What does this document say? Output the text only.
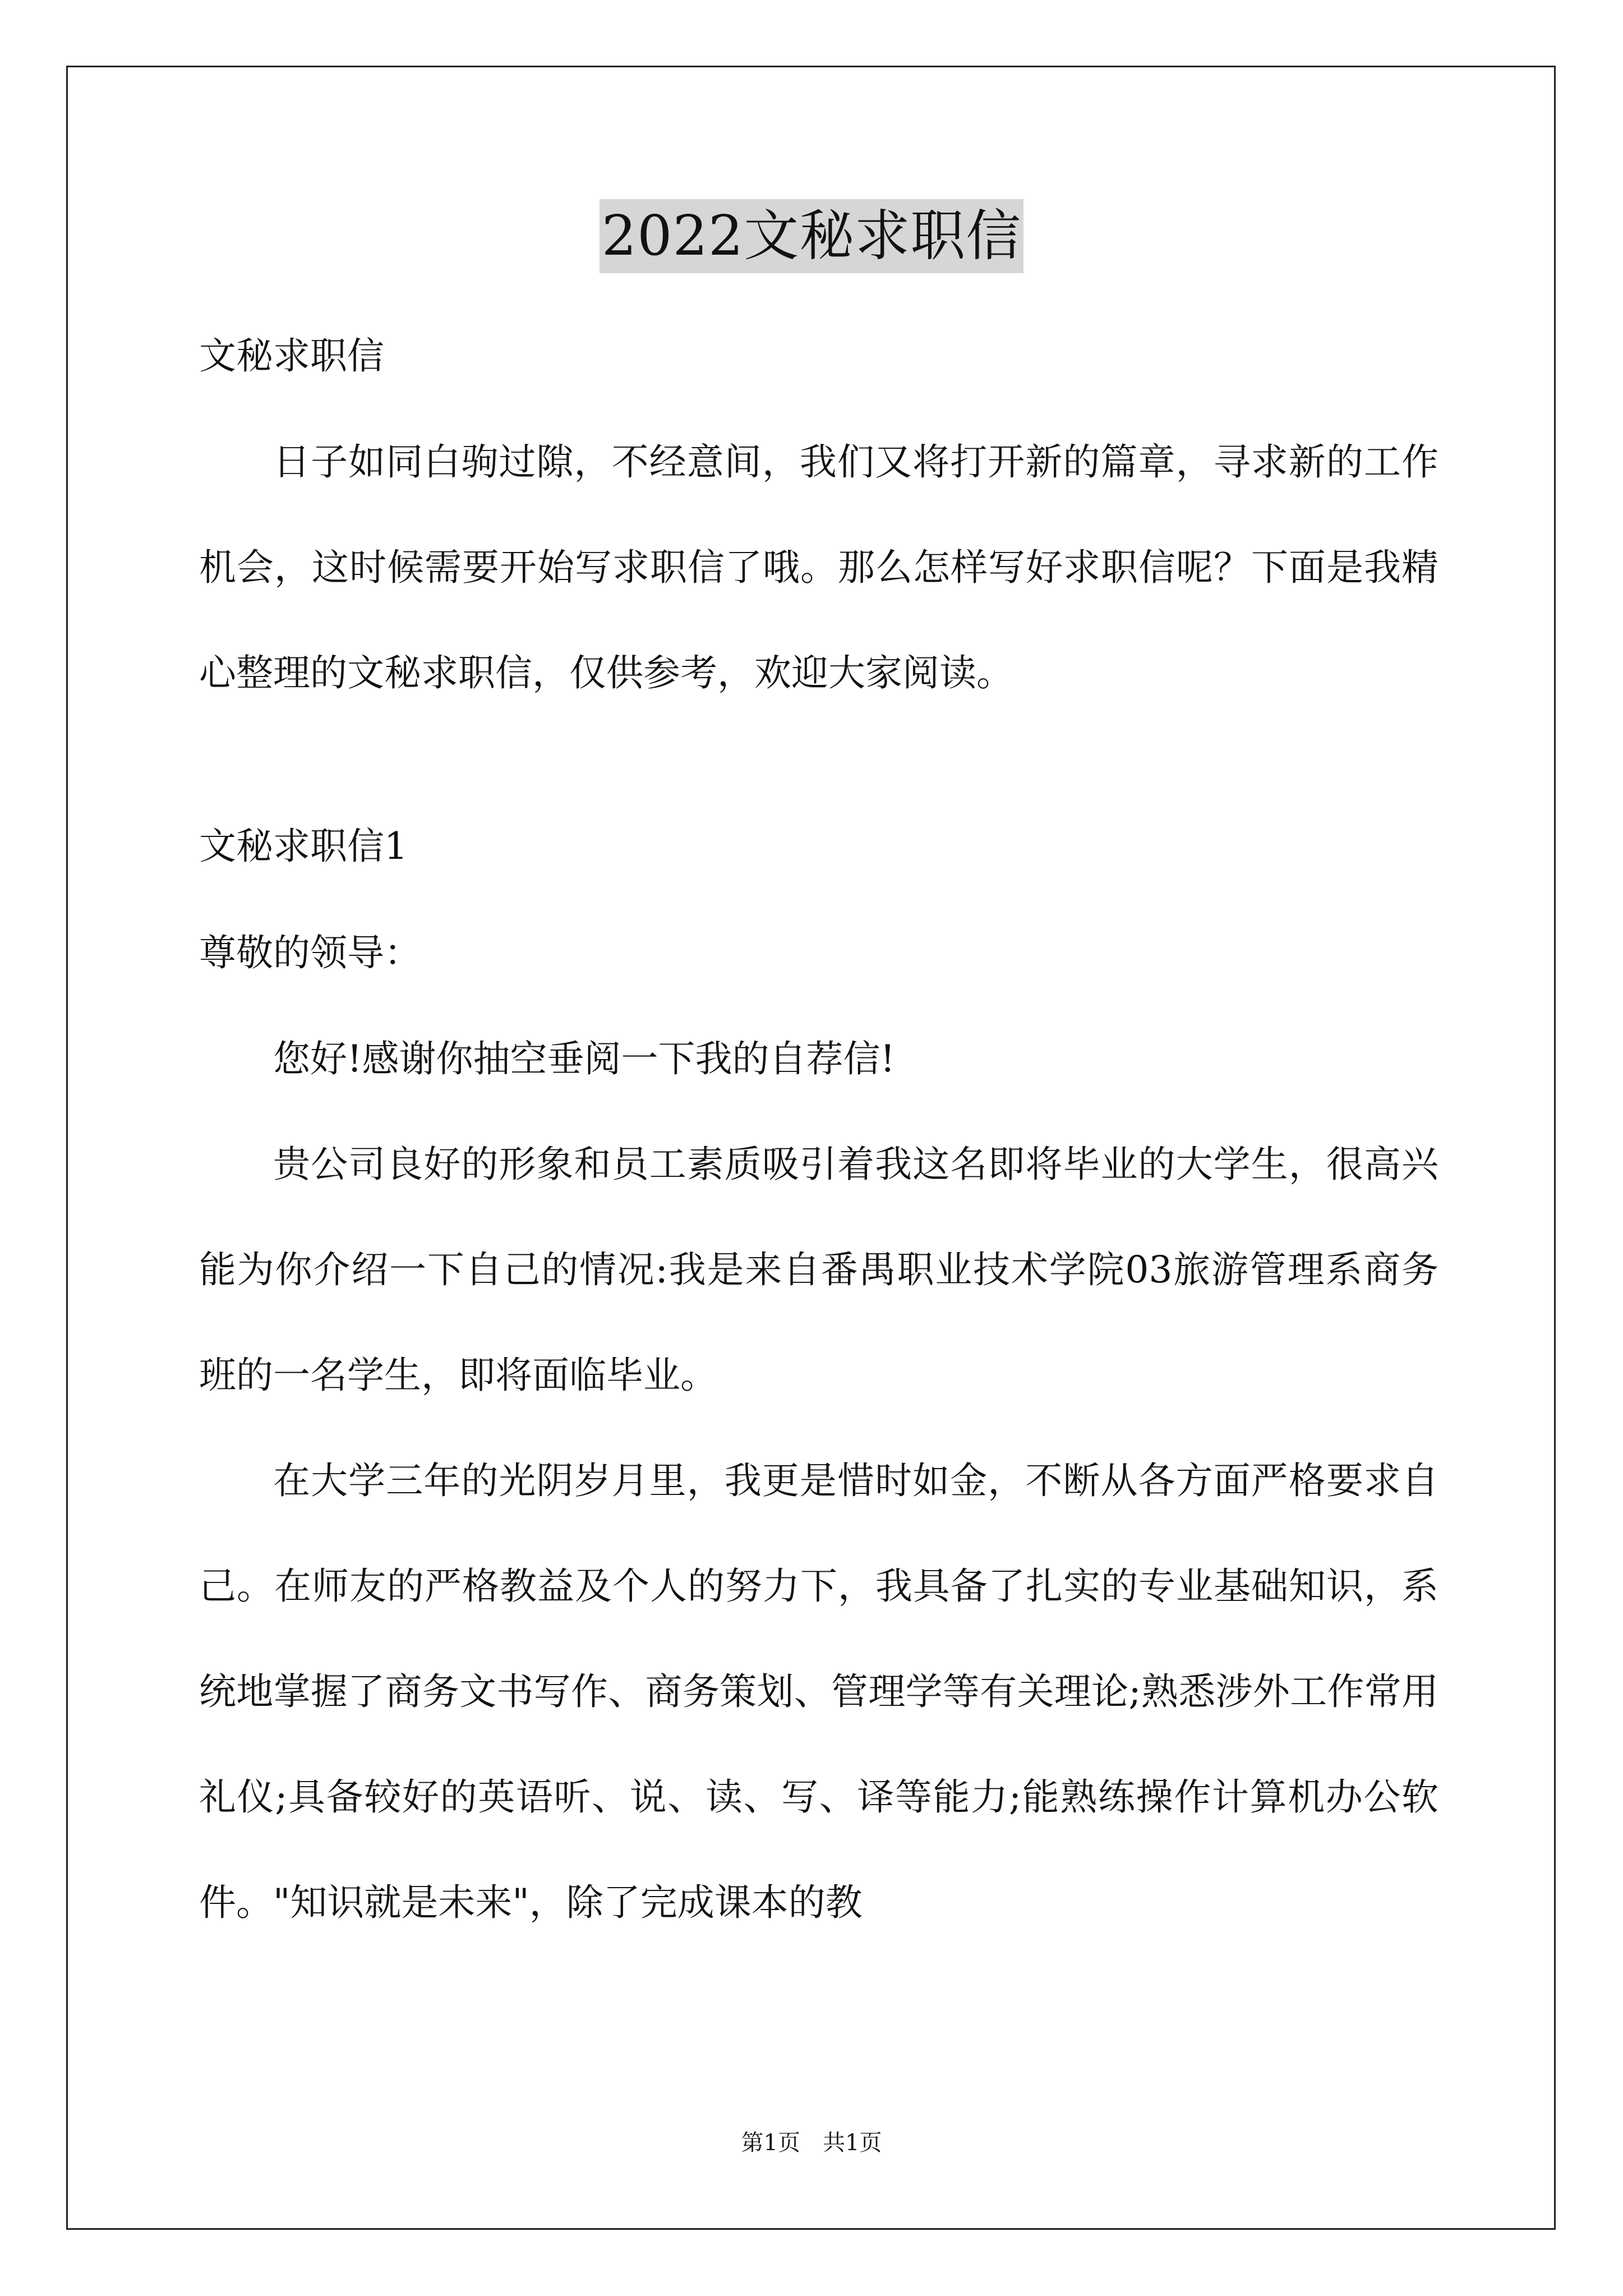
2022文秘求职信

文秘求职信

日子如同白驹过隙，不经意间，我们又将打开新的篇章，寻求新的工作机会，这时候需要开始写求职信了哦。那么怎样写好求职信呢？下面是我精心整理的文秘求职信，仅供参考，欢迎大家阅读。

文秘求职信1

尊敬的领导：

您好!感谢你抽空垂阅一下我的自荐信!

贵公司良好的形象和员工素质吸引着我这名即将毕业的大学生，很高兴能为你介绍一下自己的情况:我是来自番禺职业技术学院03旅游管理系商务班的一名学生，即将面临毕业。

在大学三年的光阴岁月里，我更是惜时如金，不断从各方面严格要求自己。在师友的严格教益及个人的努力下，我具备了扎实的专业基础知识，系统地掌握了商务文书写作、商务策划、管理学等有关理论;熟悉涉外工作常用礼仪;具备较好的英语听、说、读、写、译等能力;能熟练操作计算机办公软件。"知识就是未来"，除了完成课本的教

第1页　共1页
